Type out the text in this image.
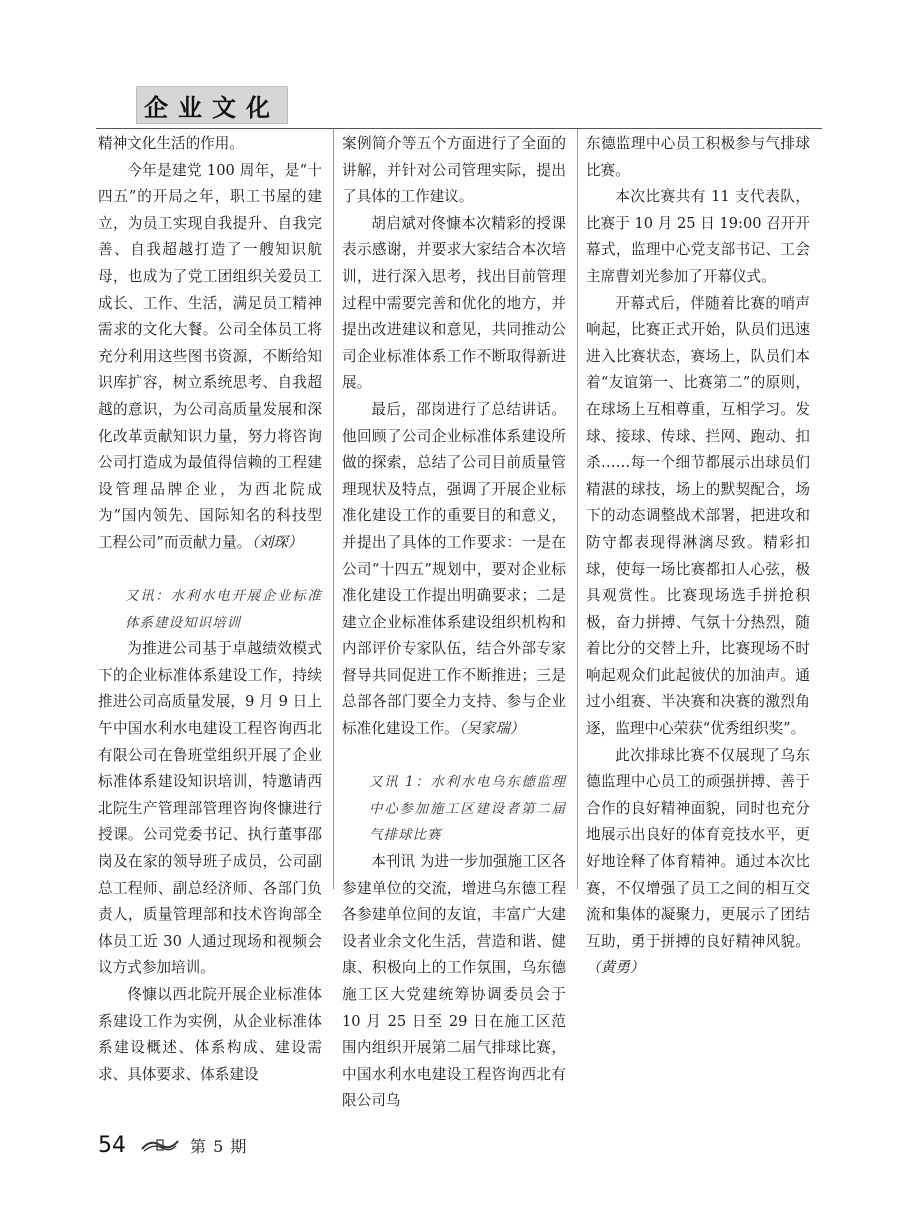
企业文化

精神文化生活的作用。

今年是建党 100 周年，是“十四五”的开局之年，职工书屋的建立，为员工实现自我提升、自我完善、自我超越打造了一艘知识航母，也成为了党工团组织关爱员工成长、工作、生活，满足员工精神需求的文化大餐。公司全体员工将充分利用这些图书资源，不断给知识库扩容，树立系统思考、自我超越的意识，为公司高质量发展和深化改革贡献知识力量，努力将咨询公司打造成为最值得信赖的工程建设管理品牌企业，为西北院成为“国内领先、国际知名的科技型工程公司”而贡献力量。（刘琛）

又讯：水利水电开展企业标准体系建设知识培训

为推进公司基于卓越绩效模式下的企业标准体系建设工作，持续推进公司高质量发展，9 月 9 日上午中国水利水电建设工程咨询西北有限公司在鲁班堂组织开展了企业标准体系建设知识培训，特邀请西北院生产管理部管理咨询佟慷进行授课。公司党委书记、执行董事邵岗及在家的领导班子成员，公司副总工程师、副总经济师、各部门负责人，质量管理部和技术咨询部全体员工近 30 人通过现场和视频会议方式参加培训。

佟慷以西北院开展企业标准体系建设工作为实例，从企业标准体系建设概述、体系构成、建设需求、具体要求、体系建设

案例简介等五个方面进行了全面的讲解，并针对公司管理实际，提出了具体的工作建议。

胡启斌对佟慷本次精彩的授课表示感谢，并要求大家结合本次培训，进行深入思考，找出目前管理过程中需要完善和优化的地方，并提出改进建议和意见，共同推动公司企业标准体系工作不断取得新进展。

最后，邵岗进行了总结讲话。他回顾了公司企业标准体系建设所做的探索，总结了公司目前质量管理现状及特点，强调了开展企业标准化建设工作的重要目的和意义，并提出了具体的工作要求：一是在公司“十四五”规划中，要对企业标准化建设工作提出明确要求；二是建立企业标准体系建设组织机构和内部评价专家队伍，结合外部专家督导共同促进工作不断推进；三是总部各部门要全力支持、参与企业标准化建设工作。（吴家瑞）

又讯 1：水利水电乌东德监理中心参加施工区建设者第二届气排球比赛

本刊讯 为进一步加强施工区各参建单位的交流，增进乌东德工程各参建单位间的友谊，丰富广大建设者业余文化生活，营造和谐、健康、积极向上的工作氛围，乌东德施工区大党建统筹协调委员会于 10 月 25 日至 29 日在施工区范围内组织开展第二届气排球比赛，中国水利水电建设工程咨询西北有限公司乌

东德监理中心员工积极参与气排球比赛。

本次比赛共有 11 支代表队，比赛于 10 月 25 日 19:00 召开开幕式，监理中心党支部书记、工会主席曹刘光参加了开幕仪式。

开幕式后，伴随着比赛的哨声响起，比赛正式开始，队员们迅速进入比赛状态，赛场上，队员们本着“友谊第一、比赛第二”的原则，在球场上互相尊重，互相学习。发球、接球、传球、拦网、跑动、扣杀……每一个细节都展示出球员们精湛的球技，场上的默契配合，场下的动态调整战术部署，把进攻和防守都表现得淋漓尽致。精彩扣球，使每一场比赛都扣人心弦，极具观赏性。比赛现场选手拼抢积极，奋力拼搏、气氛十分热烈，随着比分的交替上升，比赛现场不时响起观众们此起彼伏的加油声。通过小组赛、半决赛和决赛的激烈角逐，监理中心荣获“优秀组织奖”。

此次排球比赛不仅展现了乌东德监理中心员工的顽强拼搏、善于合作的良好精神面貌，同时也充分地展示出良好的体育竞技水平，更好地诠释了体育精神。通过本次比赛，不仅增强了员工之间的相互交流和集体的凝聚力，更展示了团结互助，勇于拼搏的良好精神风貌。（黄勇）

54	第 5 期
